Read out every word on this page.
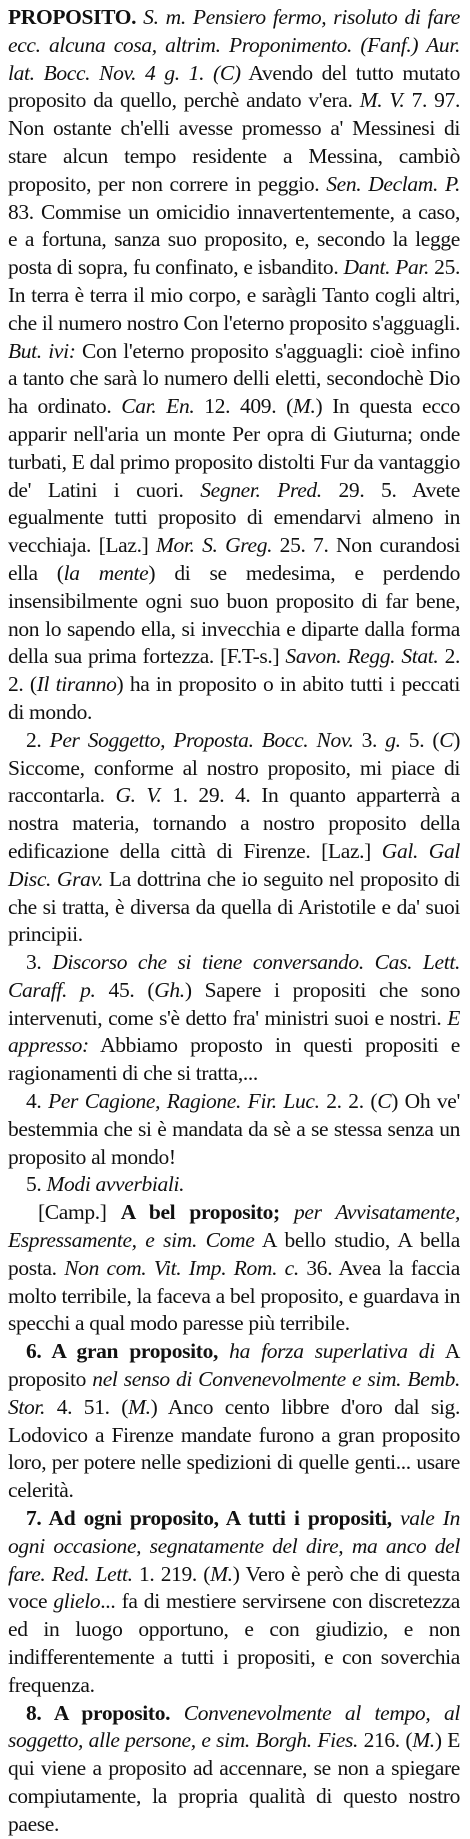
PROPOSITO. S. m. Pensiero fermo, risoluto di fare ecc. alcuna cosa, altrim. Proponimento. (Fanf.) Aur. lat. Bocc. Nov. 4 g. 1. (C) Avendo del tutto mutato proposito da quello, perchè andato v'era. M. V. 7. 97. Non ostante ch'elli avesse promesso a' Messinesi di stare alcun tempo residente a Messina, cambiò proposito, per non correre in peggio. Sen. Declam. P. 83. Commise un omicidio innavertentemente, a caso, e a fortuna, sanza suo proposito, e, secondo la legge posta di sopra, fu confinato, e isbandito. Dant. Par. 25. In terra è terra il mio corpo, e saràgli Tanto cogli altri, che il numero nostro Con l'eterno proposito s'agguagli. But. ivi: Con l'eterno proposito s'agguagli: cioè infino a tanto che sarà lo numero delli eletti, secondochè Dio ha ordinato. Car. En. 12. 409. (M.) In questa ecco apparir nell'aria un monte Per opra di Giuturna; onde turbati, E dal primo proposito distolti Fur da vantaggio de' Latini i cuori. Segner. Pred. 29. 5. Avete egualmente tutti proposito di emendarvi almeno in vecchiaja. [Laz.] Mor. S. Greg. 25. 7. Non curandosi ella (la mente) di se medesima, e perdendo insensibilmente ogni suo buon proposito di far bene, non lo sapendo ella, si invecchia e diparte dalla forma della sua prima fortezza. [F.T-s.] Savon. Regg. Stat. 2. 2. (Il tiranno) ha in proposito o in abito tutti i peccati di mondo.

2. Per Soggetto, Proposta. Bocc. Nov. 3. g. 5. (C) Siccome, conforme al nostro proposito, mi piace di raccontarla. G. V. 1. 29. 4. In quanto apparterrà a nostra materia, tornando a nostro proposito della edificazione della città di Firenze. [Laz.] Gal. Gal Disc. Grav. La dottrina che io seguito nel proposito di che si tratta, è diversa da quella di Aristotile e da' suoi principii.

3. Discorso che si tiene conversando. Cas. Lett. Caraff. p. 45. (Gh.) Sapere i propositi che sono intervenuti, come s'è detto fra' ministri suoi e nostri. E appresso: Abbiamo proposto in questi propositi e ragionamenti di che si tratta,...

4. Per Cagione, Ragione. Fir. Luc. 2. 2. (C) Oh ve' bestemmia che si è mandata da sè a se stessa senza un proposito al mondo!

5. Modi avverbiali.

[Camp.] A bel proposito; per Avvisatamente, Espressamente, e sim. Come A bello studio, A bella posta. Non com. Vit. Imp. Rom. c. 36. Avea la faccia molto terribile, la faceva a bel proposito, e guardava in specchi a qual modo paresse più terribile.

6. A gran proposito, ha forza superlativa di A proposito nel senso di Convenevolmente e sim. Bemb. Stor. 4. 51. (M.) Anco cento libbre d'oro dal sig. Lodovico a Firenze mandate furono a gran proposito loro, per potere nelle spedizioni di quelle genti... usare celerità.

7. Ad ogni proposito, A tutti i propositi, vale In ogni occasione, segnatamente del dire, ma anco del fare. Red. Lett. 1. 219. (M.) Vero è però che di questa voce glielo... fa di mestiere servirsene con discretezza ed in luogo opportuno, e con giudizio, e non indifferentemente a tutti i propositi, e con soverchia frequenza.

8. A proposito. Convenevolmente al tempo, al soggetto, alle persone, e sim. Borgh. Fies. 216. (M.) E qui viene a proposito ad accennare, se non a spiegare compiutamente, la propria qualità di questo nostro paese.
